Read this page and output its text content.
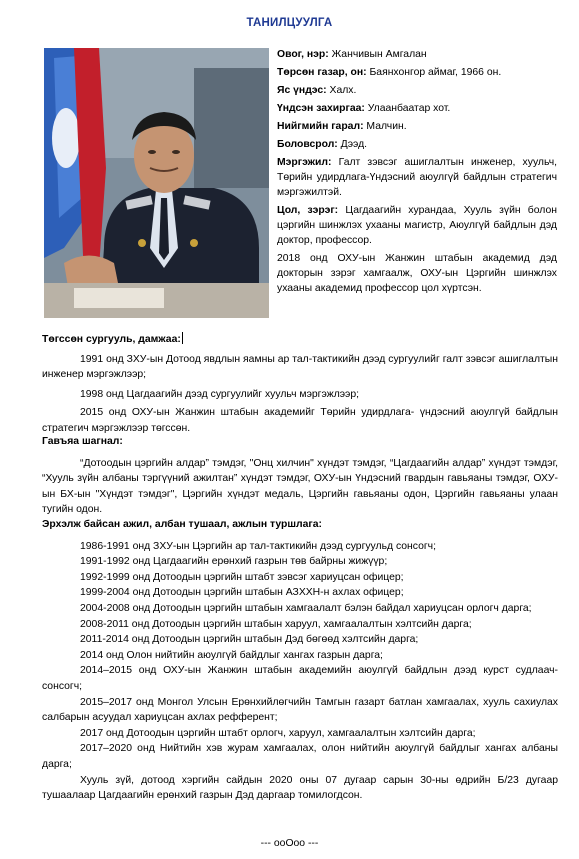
ТАНИЛЦУУЛГА

Овог, нэр: Жанчивын Амгалан

Төрсөн газар, он: Баянхонгор аймаг, 1966 он.

Яс үндэс: Халх.

Үндсэн захиргаа: Улаанбаатар хот.

Нийгмийн гарал: Малчин.

Боловсрол: Дээд.

Мэргэжил: Галт зэвсэг ашиглалтын инженер, хуульч, Төрийн удирдлага-Үндэсний аюулгүй байдлын стратегич мэргэжилтэй.

Цол, зэрэг: Цагдаагийн хурандаа, Хууль зүйн болон цэргийн шинжлэх ухааны магистр, Аюулгүй байдлын дэд доктор, профессор.

2018 онд ОХУ-ын Жанжин штабын академид дэд докторын зэрэг хамгаалж, ОХУ-ын Цэргийн шинжлэх ухааны академид профессор цол хүртсэн.

Төгссөн сургууль, дамжаа:

1991 онд ЗХУ-ын Дотоод явдлын яамны ар тал-тактикийн дээд сургуулийг галт зэвсэг ашиглалтын инженер мэргэжлээр;

1998 онд Цагдаагийн дээд сургуулийг хуульч мэргэжлээр;

2015 онд ОХУ-ын Жанжин штабын академийг Төрийн удирдлага- үндэсний аюулгүй байдлын стратегич мэргэжлээр төгссөн.

Гавъяа шагнал:

“Дотоодын цэргийн алдар” тэмдэг, "Онц хилчин" хүндэт тэмдэг, “Цагдаагийн алдар” хүндэт тэмдэг, “Хууль зүйн албаны тэргүүний ажилтан” хүндэт тэмдэг, ОХУ-ын Үндэсний гвардын гавьяаны тэмдэг, ОХУ-ын БХ-ын "Хүндэт тэмдэг", Цэргийн хүндэт медаль, Цэргийн гавьяаны одон, Цэргийн гавьяаны улаан тугийн одон.

Эрхэлж байсан ажил, албан тушаал, ажлын туршлага:

1986-1991 онд ЗХУ-ын Цэргийн ар тал-тактикийн дээд сургуульд сонсогч;

1991-1992 онд Цагдаагийн ерөнхий газрын төв байрны жижүүр;

1992-1999 онд Дотоодын цэргийн штабт зэвсэг хариуцсан офицер;

1999-2004 онд Дотоодын цэргийн штабын АЗХХН-н ахлах офицер;

2004-2008 онд Дотоодын цэргийн штабын хамгаалалт бэлэн байдал хариуцсан орлогч дарга;

2008-2011 онд Дотоодын цэргийн штабын харуул, хамгаалалтын хэлтсийн дарга;

2011-2014 онд Дотоодын цэргийн штабын Дэд бөгөөд хэлтсийн дарга;

2014 онд Олон нийтийн аюулгүй байдлыг хангах газрын дарга;

2014–2015 онд ОХУ-ын Жанжин штабын академийн аюулгүй байдлын дээд курст судлаач-сонсогч;

2015–2017 онд Монгол Улсын Ерөнхийлөгчийн Тамгын газарт батлан хамгаалах, хууль сахиулах салбарын асуудал хариуцсан ахлах рефферент;

2017 онд Дотоодын цэргийн штабт орлогч, харуул, хамгаалалтын хэлтсийн дарга;

2017–2020 онд Нийтийн хэв журам хамгаалах, олон нийтийн аюулгүй байдлыг хангах албаны дарга;

Хууль зүй, дотоод хэргийн сайдын 2020 оны 07 дугаар сарын 30-ны өдрийн Б/23 дугаар тушаалаар Цагдаагийн ерөнхий газрын Дэд даргаар томилогдсон.

--- ooOoo ---
